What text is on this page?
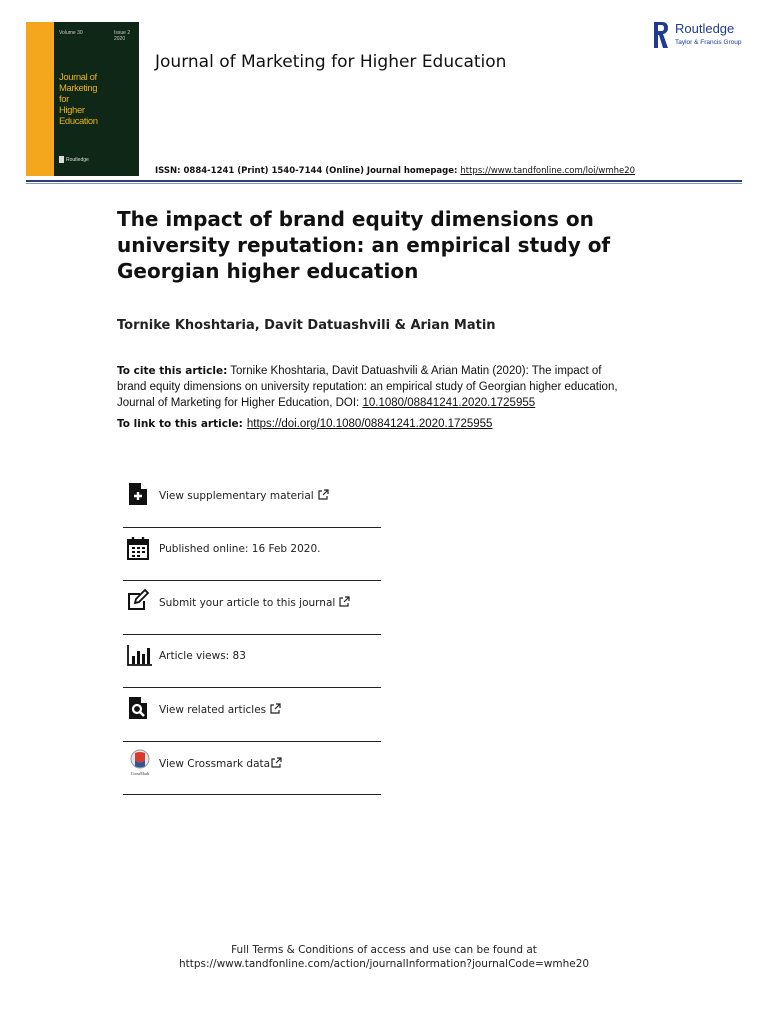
Volume 30	Issue 2 2020
Journal of
Marketing
for
Higher
Education
Routledge
Journal of Marketing for Higher Education
Routledge
Taylor & Francis Group
ISSN: 0884-1241 (Print) 1540-7144 (Online) Journal homepage: https://www.tandfonline.com/loi/wmhe20
The impact of brand equity dimensions on
university reputation: an empirical study of
Georgian higher education
Tornike Khoshtaria, Davit Datuashvili & Arian Matin
To cite this article: Tornike Khoshtaria, Davit Datuashvili & Arian Matin (2020): The impact of
brand equity dimensions on university reputation: an empirical study of Georgian higher education,
Journal of Marketing for Higher Education, DOI: 10.1080/08841241.2020.1725955
To link to this article: https://doi.org/10.1080/08841241.2020.1725955
View supplementary material
Published online: 16 Feb 2020.
Submit your article to this journal
Article views: 83
View related articles
CrossMark
View Crossmark data
Full Terms & Conditions of access and use can be found at
https://www.tandfonline.com/action/journalInformation?journalCode=wmhe20
